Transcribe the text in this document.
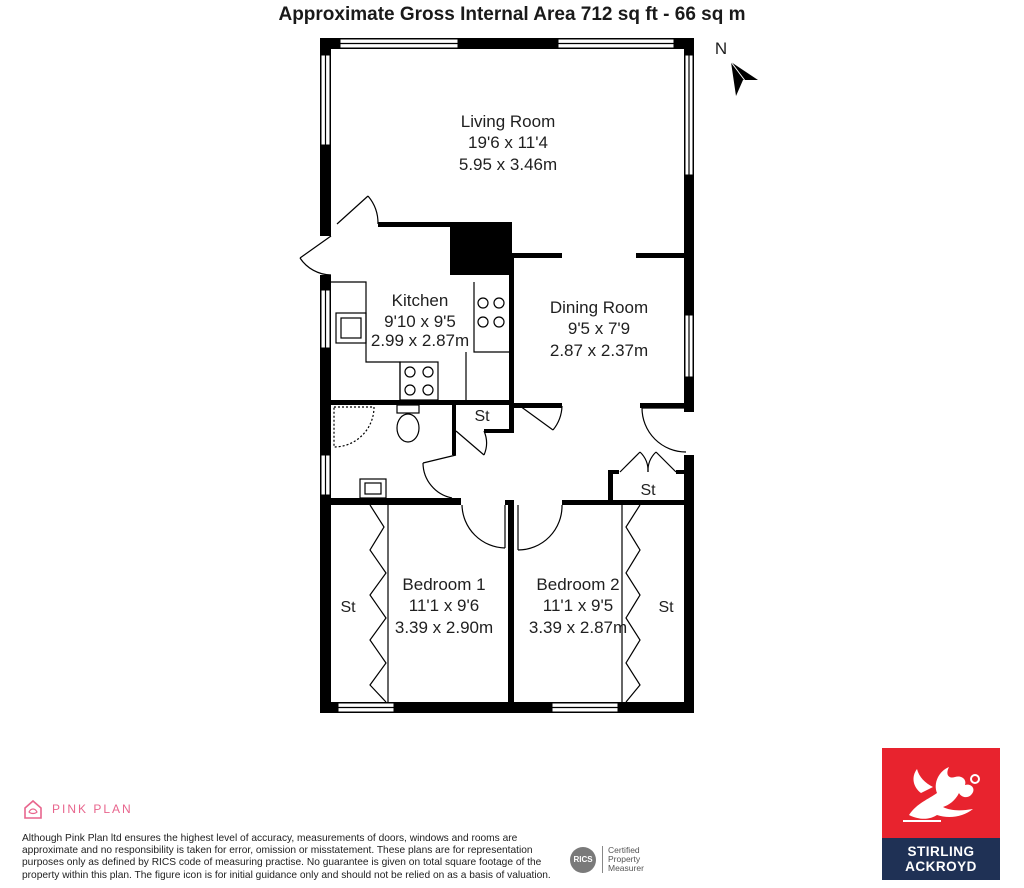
Approximate Gross Internal Area 712 sq ft - 66 sq m
Living Room
19'6 x 11'4
5.95 x 3.46m
Kitchen
9'10 x 9'5
2.99 x 2.87m
Dining Room
9'5 x 7'9
2.87 x 2.37m
Bedroom 1
11'1 x 9'6
3.39 x 2.90m
Bedroom 2
11'1 x 9'5
3.39 x 2.87m
St
St
St	St
N
PINK PLAN
Although Pink Plan ltd ensures the highest level of accuracy, measurements of doors, windows and rooms are approximate and no responsibility is taken for error, omission or misstatement. These plans are for representation purposes only as defined by RICS code of measuring practise. No guarantee is given on total square footage of the property within this plan. The figure icon is for initial guidance only and should not be relied on as a basis of valuation.
RICS
Certified
Property
Measurer
STIRLING
ACKROYD
